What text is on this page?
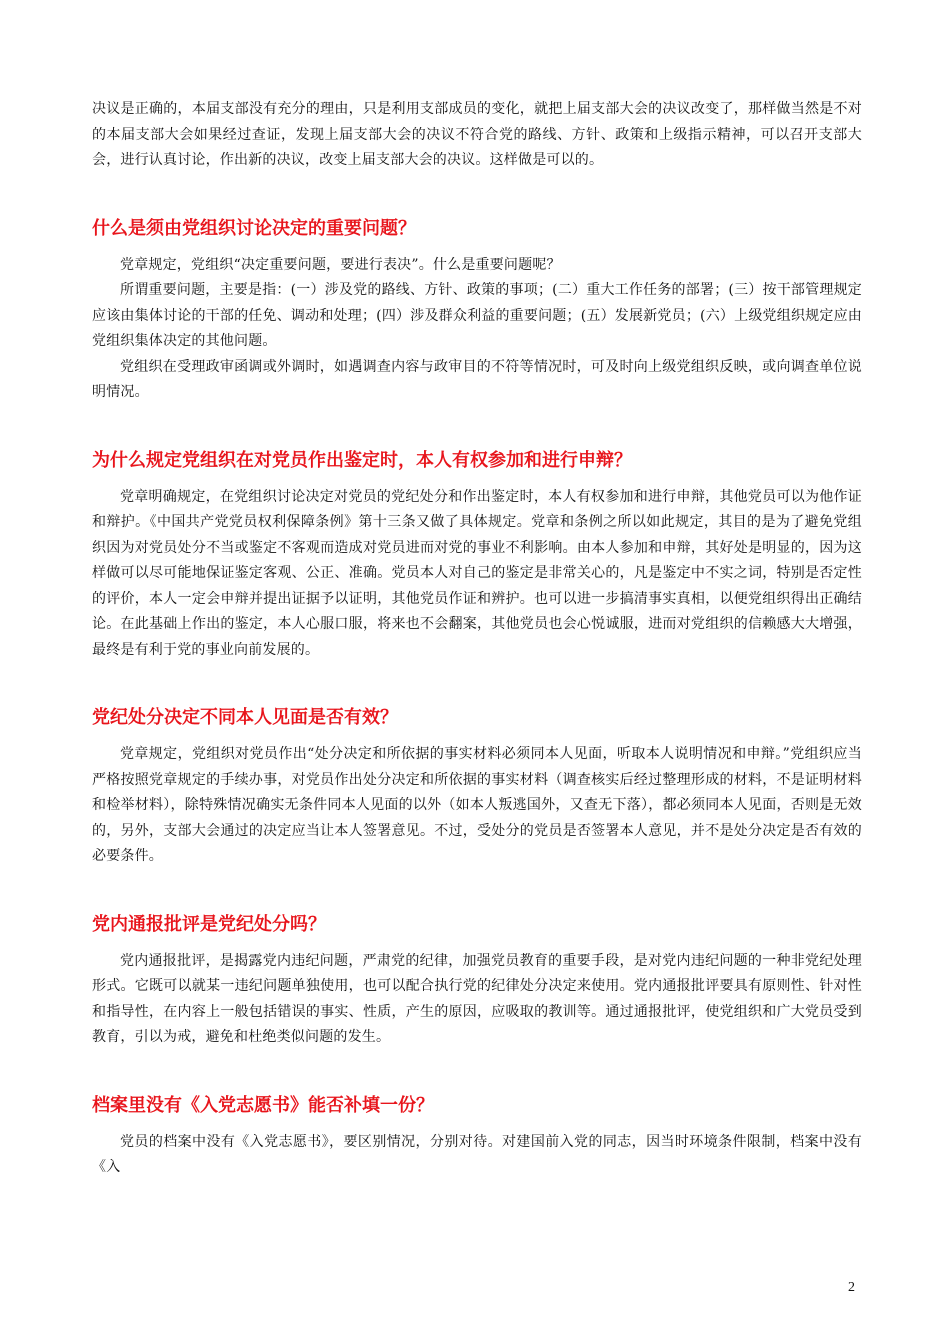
决议是正确的，本届支部没有充分的理由，只是利用支部成员的变化，就把上届支部大会的决议改变了，那样做当然是不对的本届支部大会如果经过查证，发现上届支部大会的决议不符合党的路线、方针、政策和上级指示精神，可以召开支部大会，进行认真讨论，作出新的决议，改变上届支部大会的决议。这样做是可以的。

什么是须由党组织讨论决定的重要问题？

党章规定，党组织“决定重要问题，要进行表决”。什么是重要问题呢？

所谓重要问题，主要是指：(一）涉及党的路线、方针、政策的事项；(二）重大工作任务的部署；(三）按干部管理规定应该由集体讨论的干部的任免、调动和处理；(四）涉及群众利益的重要问题；(五）发展新党员；(六）上级党组织规定应由党组织集体决定的其他问题。

党组织在受理政审函调或外调时，如遇调查内容与政审目的不符等情况时，可及时向上级党组织反映，或向调查单位说明情况。

为什么规定党组织在对党员作出鉴定时，本人有权参加和进行申辩？

党章明确规定，在党组织讨论决定对党员的党纪处分和作出鉴定时，本人有权参加和进行申辩，其他党员可以为他作证和辩护。《中国共产党党员权利保障条例》第十三条又做了具体规定。党章和条例之所以如此规定，其目的是为了避免党组织因为对党员处分不当或鉴定不客观而造成对党员进而对党的事业不利影响。由本人参加和申辩，其好处是明显的，因为这样做可以尽可能地保证鉴定客观、公正、准确。党员本人对自己的鉴定是非常关心的，凡是鉴定中不实之词，特别是否定性的评价，本人一定会申辩并提出证据予以证明，其他党员作证和辨护。也可以进一步搞清事实真相，以便党组织得出正确结论。在此基础上作出的鉴定，本人心服口服，将来也不会翻案，其他党员也会心悦诚服，进而对党组织的信赖感大大增强，最终是有利于党的事业向前发展的。

党纪处分决定不同本人见面是否有效？

党章规定，党组织对党员作出“处分决定和所依据的事实材料必须同本人见面，听取本人说明情况和申辩。”党组织应当严格按照党章规定的手续办事，对党员作出处分决定和所依据的事实材料（调查核实后经过整理形成的材料，不是证明材料和检举材料），除特殊情况确实无条件同本人见面的以外（如本人叛逃国外，又查无下落），都必须同本人见面，否则是无效的，另外，支部大会通过的决定应当让本人签署意见。不过，受处分的党员是否签署本人意见，并不是处分决定是否有效的必要条件。

党内通报批评是党纪处分吗？

党内通报批评，是揭露党内违纪问题，严肃党的纪律，加强党员教育的重要手段，是对党内违纪问题的一种非党纪处理形式。它既可以就某一违纪问题单独使用，也可以配合执行党的纪律处分决定来使用。党内通报批评要具有原则性、针对性和指导性，在内容上一般包括错误的事实、性质，产生的原因，应吸取的教训等。通过通报批评，使党组织和广大党员受到教育，引以为戒，避免和杜绝类似问题的发生。

档案里没有《入党志愿书》能否补填一份？

党员的档案中没有《入党志愿书》，要区别情况，分别对待。对建国前入党的同志，因当时环境条件限制，档案中没有《入

2
